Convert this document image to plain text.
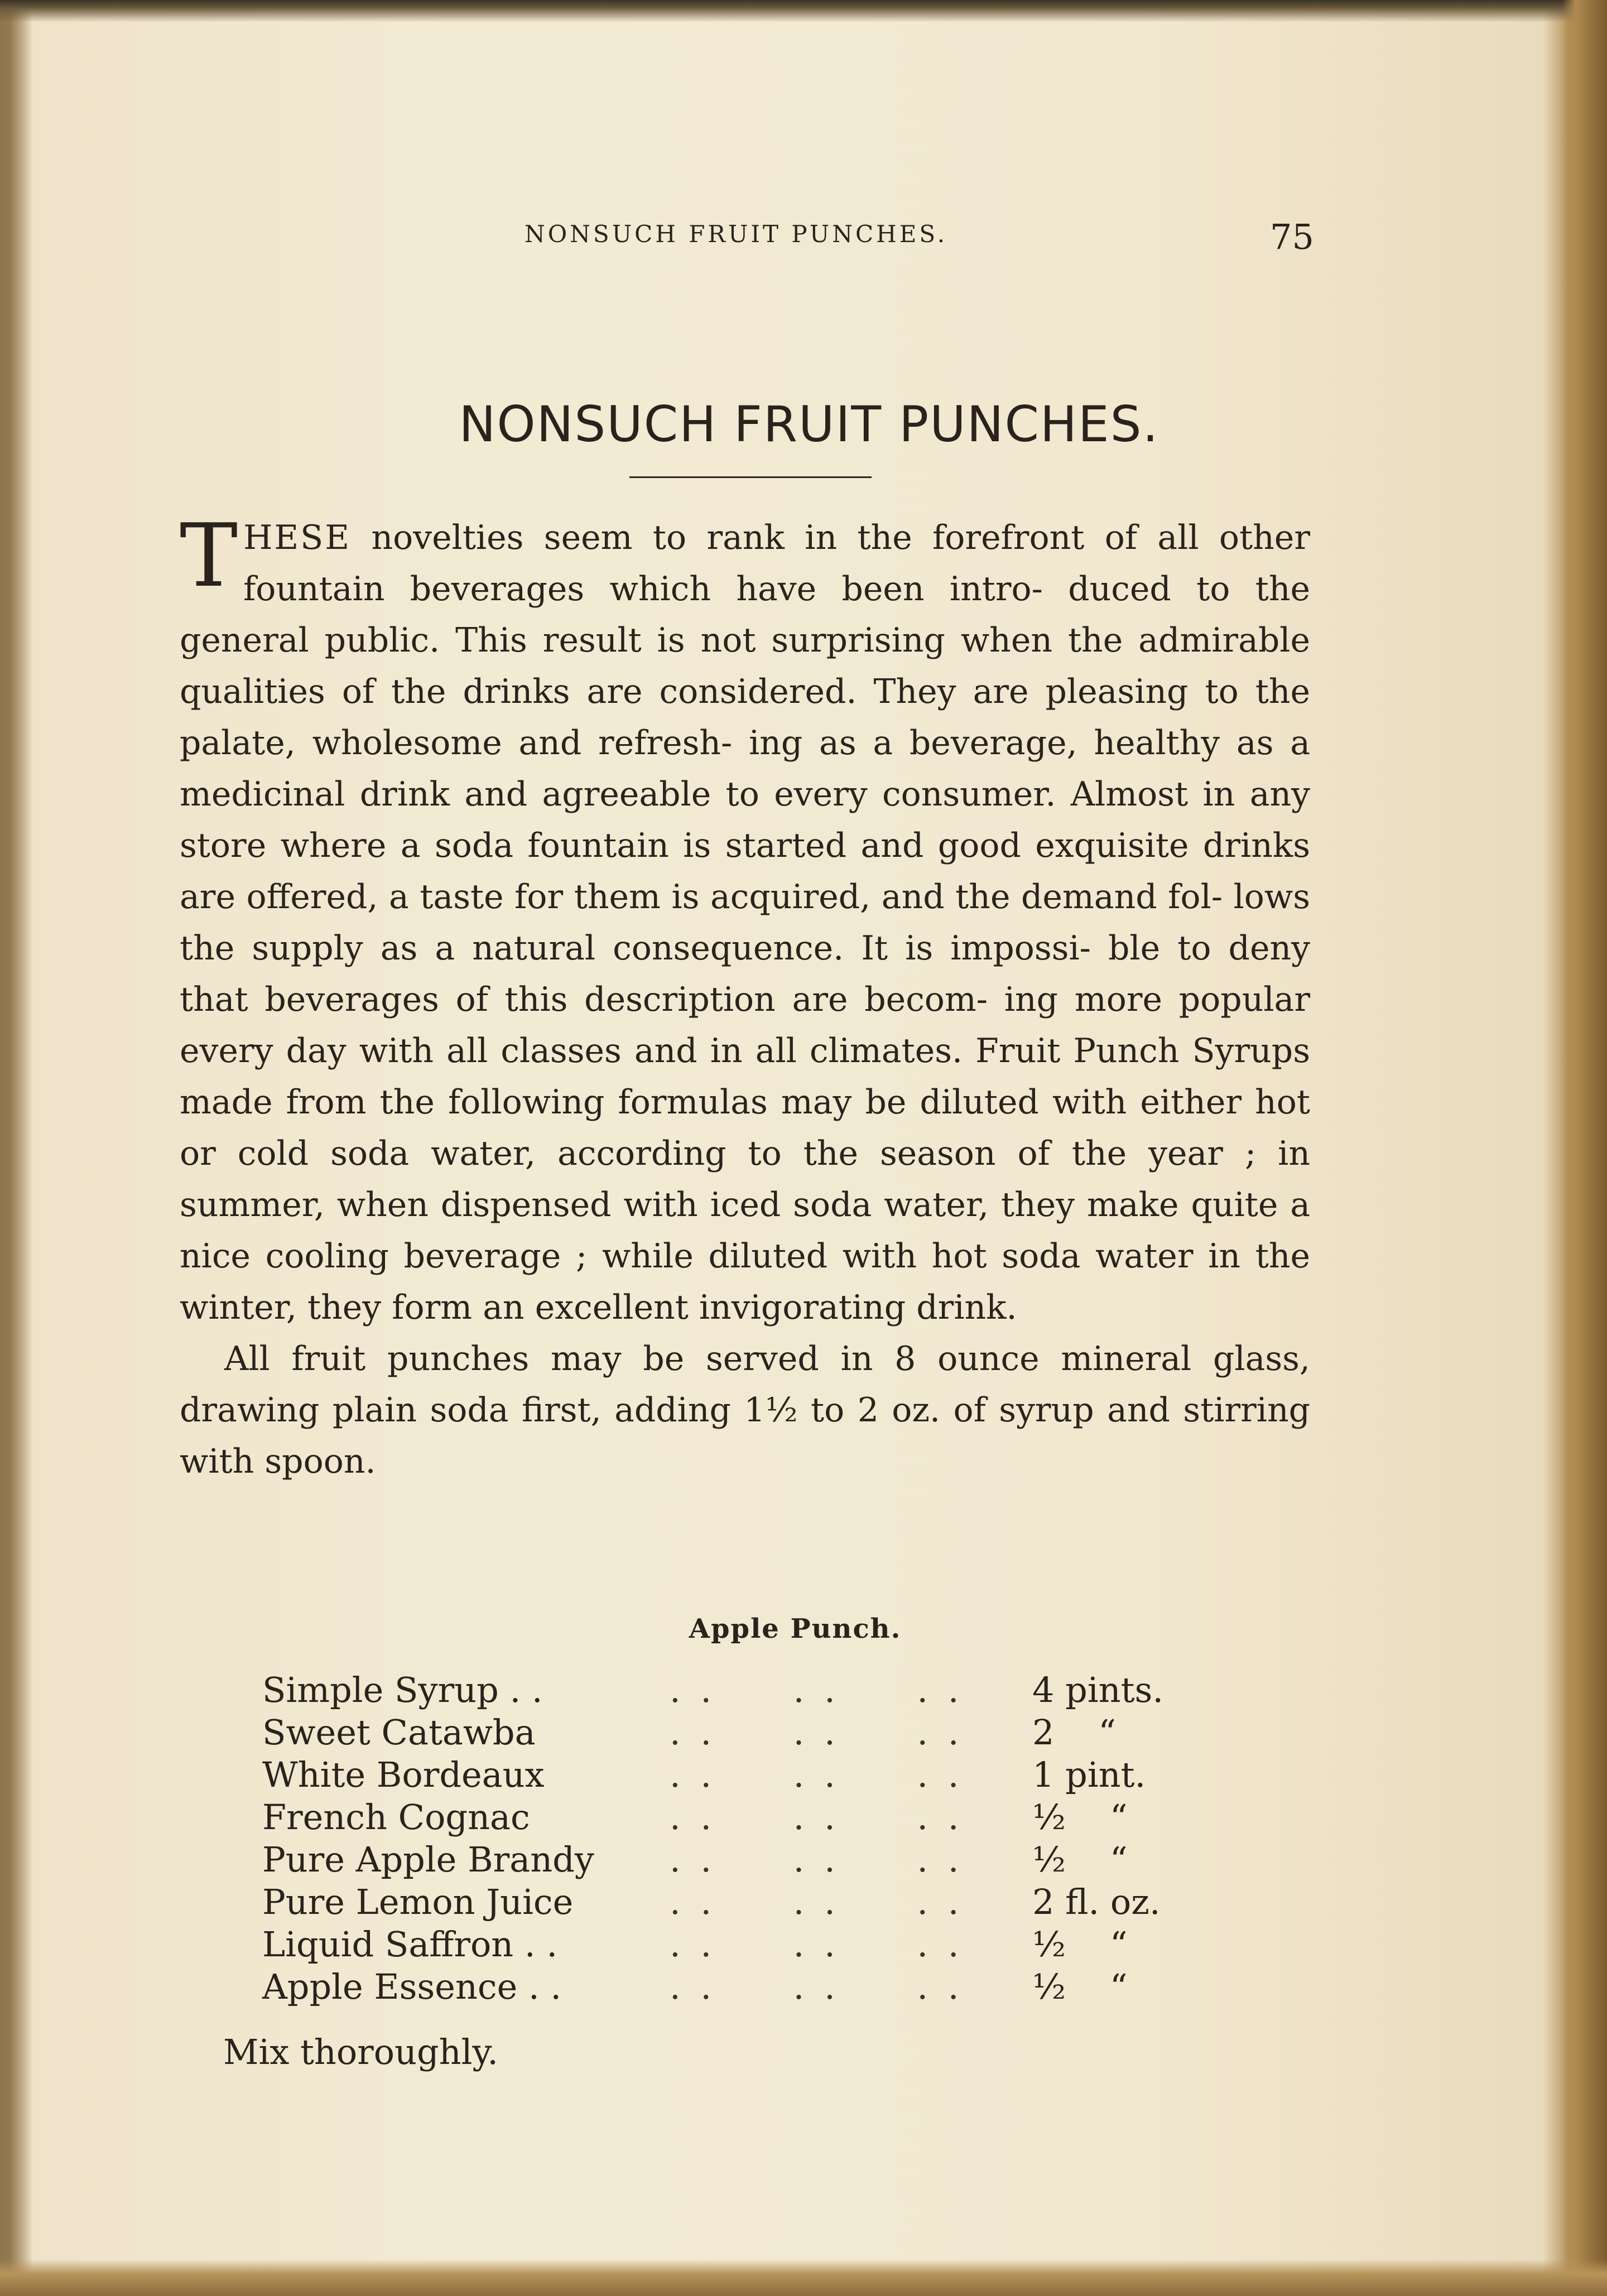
NONSUCH FRUIT PUNCHES.	75
NONSUCH FRUIT PUNCHES.

THESE novelties seem to rank in the forefront of all other fountain beverages which have been intro- duced to the general public. This result is not surprising when the admirable qualities of the drinks are considered. They are pleasing to the palate, wholesome and refresh- ing as a beverage, healthy as a medicinal drink and agreeable to every consumer. Almost in any store where a soda fountain is started and good exquisite drinks are offered, a taste for them is acquired, and the demand fol- lows the supply as a natural consequence. It is impossi- ble to deny that beverages of this description are becom- ing more popular every day with all classes and in all climates. Fruit Punch Syrups made from the following formulas may be diluted with either hot or cold soda water, according to the season of the year ; in summer, when dispensed with iced soda water, they make quite a nice cooling beverage ; while diluted with hot soda water in the winter, they form an excellent invigorating drink.

All fruit punches may be served in 8 ounce mineral glass, drawing plain soda first, adding 1½ to 2 oz. of syrup and stirring with spoon.

Apple Punch.
Simple Syrup . .	. .     . .     . . 4 pints.
Sweet Catawba	. .     . .     . . 2    “
White Bordeaux	. .     . .     . . 1 pint.
French Cognac	. .     . .     . . ½    “
Pure Apple Brandy . .     . .     . . ½    “
Pure Lemon Juice	. .     . .     . . 2 fl. oz.
Liquid Saffron . .	. .     . .     . . ½    “
Apple Essence . .	. .     . .     . . ½    “
Mix thoroughly.
